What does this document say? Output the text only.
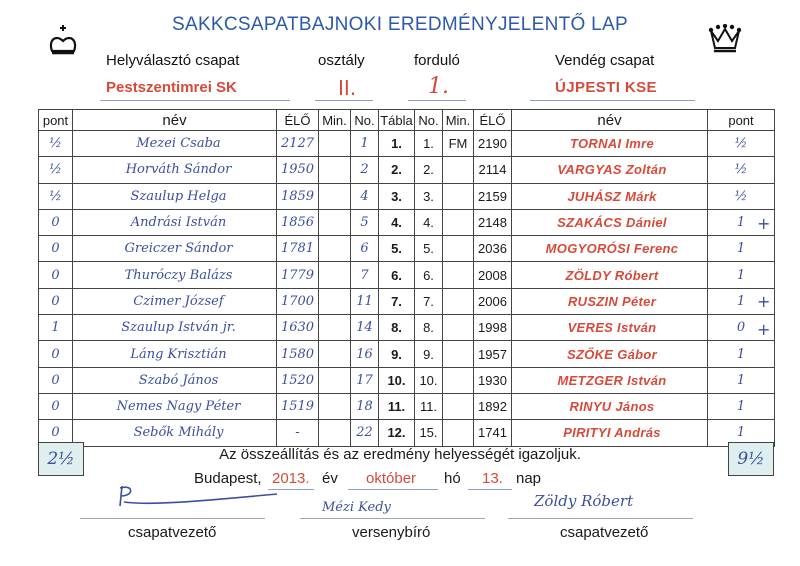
SAKKCSAPATBAJNOKI EREDMÉNYJELENTŐ LAP
Helyválasztó csapat	osztály	forduló	Vendég csapat
Pestszentimrei SK	II.	1.	ÚJPESTI KSE
pont	név	ÉLŐ	Min.	No.	Tábla	No.	Min.	ÉLŐ	név	pont
½	Mezei Csaba	2127		1	1.	1.	FM	2190	TORNAI Imre	½
½	Horváth Sándor	1950		2	2.	2.		2114	VARGYAS Zoltán	½
½	Szaulup Helga	1859		4	3.	3.		2159	JUHÁSZ Márk	½
0	Andrási István	1856		5	4.	4.		2148	SZAKÁCS Dániel	1
0	Greiczer Sándor	1781		6	5.	5.		2036	MOGYORÓSI Ferenc	1
0	Thuróczy Balázs	1779		7	6.	6.		2008	ZÖLDY Róbert	1
0	Czimer József	1700		11	7.	7.		2006	RUSZIN Péter	1
1	Szaulup István jr.	1630		14	8.	8.		1998	VERES István	0
0	Láng Krisztián	1580		16	9.	9.		1957	SZŐKE Gábor	1
0	Szabó János	1520		17	10.	10.		1930	METZGER István	1
0	Nemes Nagy Péter	1519		18	11.	11.		1892	RINYU János	1
0	Sebők Mihály	-		22	12.	15.		1741	PIRITYI András	1
+
+
+
2½	9½
Az összeállítás és az eredmény helyességét igazoljuk.
Budapest, 2013. év október hó 13. nap
Mézi Kedy	Zöldy Róbert
csapatvezető	versenybíró	csapatvezető
